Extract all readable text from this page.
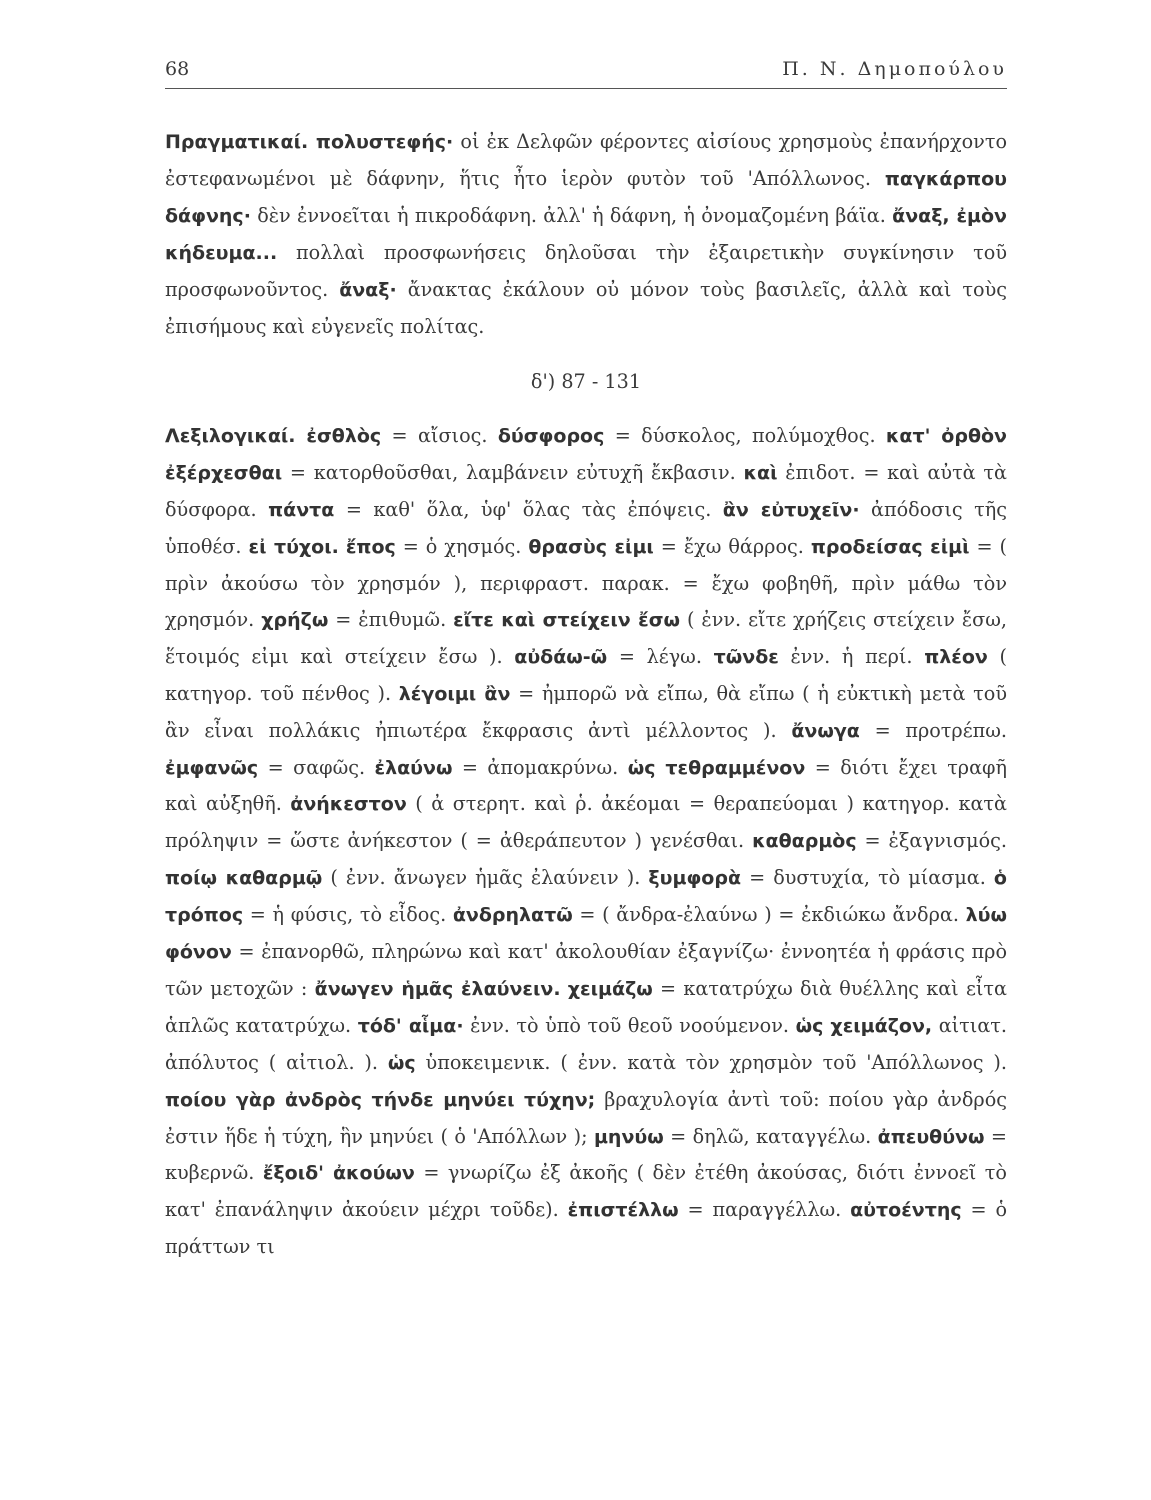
68	Π. Ν. Δημοπούλου

Πραγματικαί. πολυστεφής· οἱ ἐκ Δελφῶν φέροντες αἰσίους χρησμοὺς ἐπανήρχοντο ἐστεφανωμένοι μὲ δάφνην, ἥτις ἦτο ἱερὸν φυτὸν τοῦ 'Απόλλωνος. παγκάρπου δάφνης· δὲν ἐννοεῖται ἡ πικροδάφνη. ἀλλ' ἡ δάφνη, ἡ ὀνομαζομένη βάϊα. ἄναξ, ἐμὸν κήδευμα... πολλαὶ προσφωνήσεις δηλοῦσαι τὴν ἐξαιρετικὴν συγκίνησιν τοῦ προσφωνοῦντος. ἄναξ· ἄνακτας ἐκάλουν οὐ μόνον τοὺς βασιλεῖς, ἀλλὰ καὶ τοὺς ἐπισήμους καὶ εὐγενεῖς πολίτας.

δ') 87 - 131

Λεξιλογικαί. ἐσθλὸς = αἴσιος. δύσφορος = δύσκολος, πολύμοχθος. κατ' ὀρθὸν ἐξέρχεσθαι = κατορθοῦσθαι, λαμβάνειν εὐτυχῆ ἔκβασιν. καὶ ἐπιδοτ. = καὶ αὐτὰ τὰ δύσφορα. πάντα = καθ' ὅλα, ὑφ' ὅλας τὰς ἐπόψεις. ἂν εὐτυχεῖν· ἀπόδοσις τῆς ὑποθέσ. εἰ τύχοι. ἔπος = ὁ χησμός. θρασὺς εἰμι = ἔχω θάρρος. προδείσας εἰμὶ = ( πρὶν ἀκούσω τὸν χρησμόν ), περιφραστ. παρακ. = ἔχω φοβηθῆ, πρὶν μάθω τὸν χρησμόν. χρήζω = ἐπιθυμῶ. εἴτε καὶ στείχειν ἔσω ( ἐνν. εἴτε χρήζεις στείχειν ἔσω, ἕτοιμός εἰμι καὶ στείχειν ἔσω ). αὐδάω-ῶ = λέγω. τῶνδε ἐνν. ἡ περί. πλέον ( κατηγορ. τοῦ πένθος ). λέγοιμι ἂν = ἠμπορῶ νὰ εἴπω, θὰ εἴπω ( ἡ εὐκτικὴ μετὰ τοῦ ἂν εἶναι πολλάκις ἠπιωτέρα ἔκφρασις ἀντὶ μέλλοντος ). ἄνωγα = προτρέπω. ἐμφανῶς = σαφῶς. ἐλαύνω = ἀπομακρύνω. ὡς τεθραμμένον = διότι ἔχει τραφῆ καὶ αὐξηθῆ. ἀνήκεστον ( ἀ στερητ. καὶ ῥ. ἀκέομαι = θεραπεύομαι ) κατηγορ. κατὰ πρόληψιν = ὥστε ἀνήκεστον ( = ἀθεράπευτον ) γενέσθαι. καθαρμὸς = ἐξαγνισμός. ποίῳ καθαρμῷ ( ἐνν. ἄνωγεν ἡμᾶς ἐλαύνειν ). ξυμφορὰ = δυστυχία, τὸ μίασμα. ὁ τρόπος = ἡ φύσις, τὸ εἶδος. ἀνδρηλατῶ = ( ἄνδρα-ἐλαύνω ) = ἐκδιώκω ἄνδρα. λύω φόνον = ἐπανορθῶ, πληρώνω καὶ κατ' ἀκολουθίαν ἐξαγνίζω· ἐννοητέα ἡ φράσις πρὸ τῶν μετοχῶν : ἄνωγεν ἡμᾶς ἐλαύνειν. χειμάζω = κατατρύχω διὰ θυέλλης καὶ εἶτα ἁπλῶς κατατρύχω. τόδ' αἷμα· ἐνν. τὸ ὑπὸ τοῦ θεοῦ νοούμενον. ὡς χειμάζον, αἰτιατ. ἀπόλυτος ( αἰτιολ. ). ὡς ὑποκειμενικ. ( ἐνν. κατὰ τὸν χρησμὸν τοῦ 'Απόλλωνος ). ποίου γὰρ ἀνδρὸς τήνδε μηνύει τύχην; βραχυλογία ἀντὶ τοῦ: ποίου γὰρ ἀνδρός ἐστιν ἥδε ἡ τύχη, ἣν μηνύει ( ὁ 'Απόλλων ); μηνύω = δηλῶ, καταγγέλω. ἀπευθύνω = κυβερνῶ. ἔξοιδ' ἀκούων = γνωρίζω ἐξ ἀκοῆς ( δὲν ἐτέθη ἀκούσας, διότι ἐννοεῖ τὸ κατ' ἐπανάληψιν ἀκούειν μέχρι τοῦδε). ἐπιστέλλω = παραγγέλλω. αὐτοέντης = ὁ πράττων τι
